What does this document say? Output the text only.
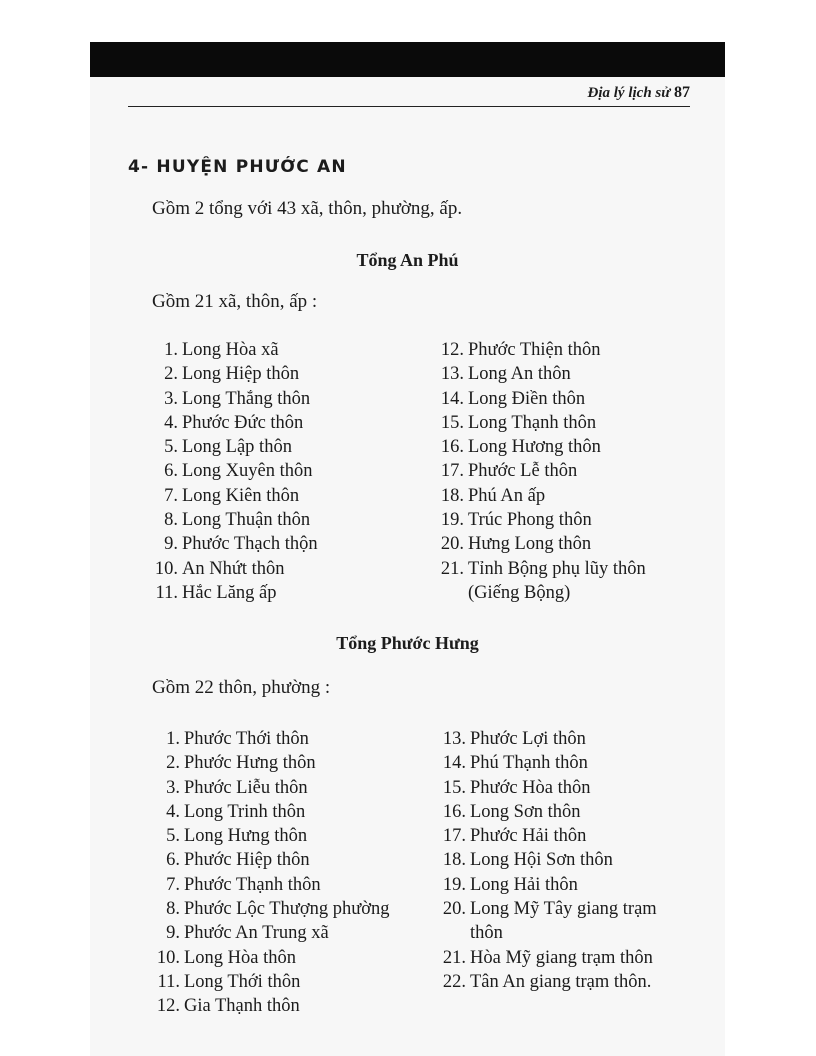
Địa lý lịch sử 87
4- HUYỆN PHƯỚC AN
Gồm 2 tổng với 43 xã, thôn, phường, ấp.
Tổng An Phú
Gồm 21 xã, thôn, ấp :
1. Long Hòa xã
2. Long Hiệp thôn
3. Long Thắng thôn
4. Phước Đức thôn
5. Long Lập thôn
6. Long Xuyên thôn
7. Long Kiên thôn
8. Long Thuận thôn
9. Phước Thạch thộn
10. An Nhứt thôn
11. Hắc Lăng ấp
12. Phước Thiện thôn
13. Long An thôn
14. Long Điền thôn
15. Long Thạnh thôn
16. Long Hương thôn
17. Phước Lễ thôn
18. Phú An ấp
19. Trúc Phong thôn
20. Hưng Long thôn
21. Tỉnh Bộng phụ lũy thôn
(Giếng Bộng)
Tổng Phước Hưng
Gồm 22 thôn, phường :
1. Phước Thới thôn
2. Phước Hưng thôn
3. Phước Liễu thôn
4. Long Trinh thôn
5. Long Hưng thôn
6. Phước Hiệp thôn
7. Phước Thạnh thôn
8. Phước Lộc Thượng phường
9. Phước An Trung xã
10. Long Hòa thôn
11. Long Thới thôn
12. Gia Thạnh thôn
13. Phước Lợi thôn
14. Phú Thạnh thôn
15. Phước Hòa thôn
16. Long Sơn thôn
17. Phước Hải thôn
18. Long Hội Sơn thôn
19. Long Hải thôn
20. Long Mỹ Tây giang trạm
thôn
21. Hòa Mỹ giang trạm thôn
22. Tân An giang trạm thôn.
